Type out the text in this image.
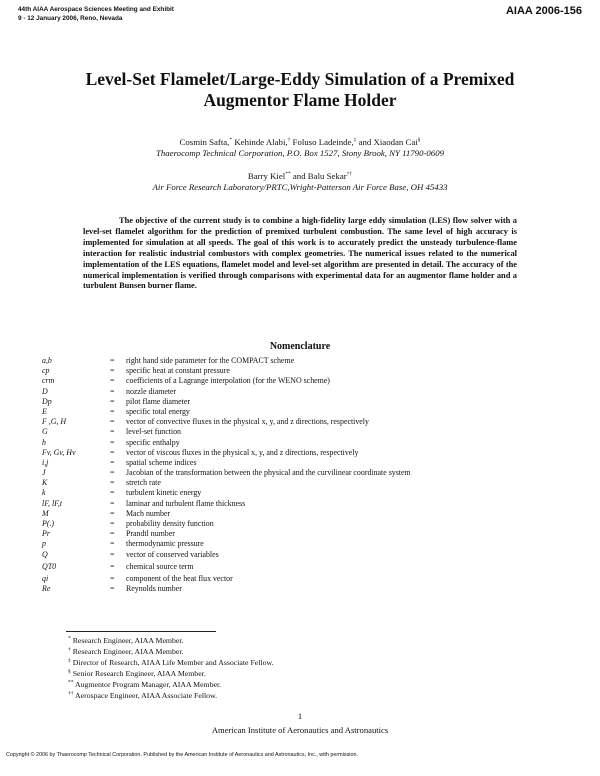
44th AIAA Aerospace Sciences Meeting and Exhibit
9 - 12 January 2006, Reno, Nevada
AIAA 2006-156
Level-Set Flamelet/Large-Eddy Simulation of a Premixed
Augmentor Flame Holder
Cosmin Safta,* Kehinde Alabi,† Foluso Ladeinde,‡ and Xiaodan Cai§
Thaerocomp Technical Corporation, P.O. Box 1527, Stony Brook, NY 11790-0609
Barry Kiel** and Balu Sekar††
Air Force Research Laboratory/PRTC,Wright-Patterson Air Force Base, OH 45433
The objective of the current study is to combine a high-fidelity large eddy simulation (LES) flow solver with a level-set flamelet algorithm for the prediction of premixed turbulent combustion. The same level of high accuracy is implemented for simulation at all speeds. The goal of this work is to accurately predict the unsteady turbulence-flame interaction for realistic industrial combustors with complex geometries. The numerical issues related to the numerical implementation of the LES equations, flamelet model and level-set algorithm are presented in detail. The accuracy of the numerical implementation is verified through comparisons with experimental data for an augmentor flame holder and a turbulent Bunsen burner flame.
Nomenclature
a,b	= right hand side parameter for the COMPACT scheme
cp	= specific heat at constant pressure
crm	= coefficients of a Lagrange interpolation (for the WENO scheme)
D	= nozzle diameter
Dp	= pilot flame diameter
E	= specific total energy
F ,G, H	= vector of convective fluxes in the physical x, y, and z directions, respectively
G	= level-set function
h	= specific enthalpy
Fv, Gv, Hv	= vector of viscous fluxes in the physical x, y, and z directions, respectively
i,j	= spatial scheme indices
J	= Jacobian of the transformation between the physical and the curvilinear coordinate system
K	= stretch rate
k	= turbulent kinetic energy
lF, lF,t	= laminar and turbulent flame thickness
M	= Mach number
P(.)	= probability density function
Pr	= Prandtl number
p	= thermodynamic pressure
Q	= vector of conserved variables
QT0	= chemical source term
qi	= component of the heat flux vector
Re	= Reynolds number
* Research Engineer, AIAA Member.
† Research Engineer, AIAA Member.
‡ Director of Research, AIAA Life Member and Associate Fellow.
§ Senior Research Engineer, AIAA Member.
** Augmentor Program Manager, AIAA Member.
†† Aerospace Engineer, AIAA Associate Fellow.
1
American Institute of Aeronautics and Astronautics
Copyright © 2006 by Thaerocomp Technical Corporation. Published by the American Institute of Aeronautics and Astronautics, Inc., with permission.
